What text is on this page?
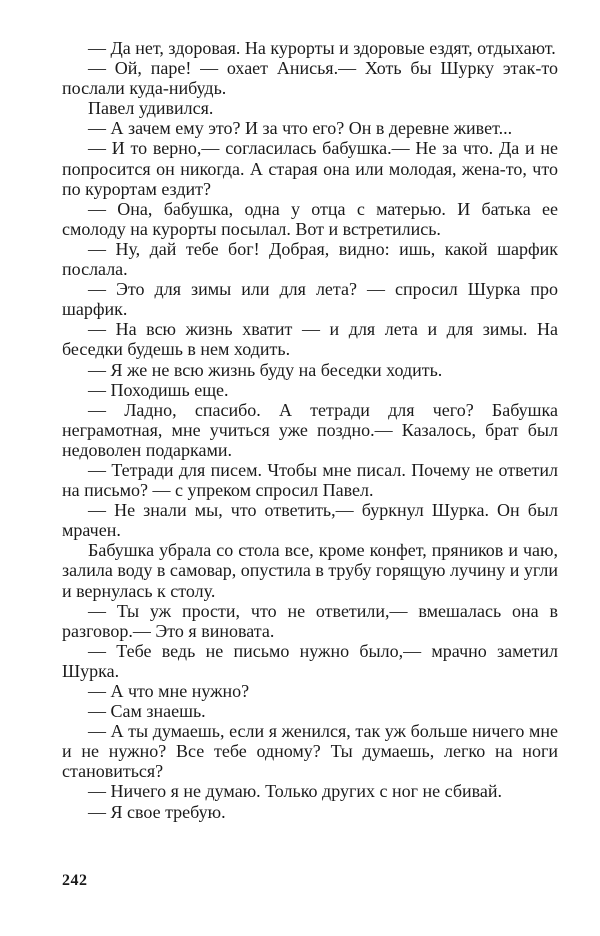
— Да нет, здоровая. На курорты и здоровые ездят, отдыхают.

— Ой, паре! — охает Анисья.— Хоть бы Шурку этак-то послали куда-нибудь.

Павел удивился.

— А зачем ему это? И за что его? Он в деревне живет...

— И то верно,— согласилась бабушка.— Не за что. Да и не попросится он никогда. А старая она или молодая, жена-то, что по курортам ездит?

— Она, бабушка, одна у отца с матерью. И батька ее смолоду на курорты посылал. Вот и встретились.

— Ну, дай тебе бог! Добрая, видно: ишь, какой шарфик послала.

— Это для зимы или для лета? — спросил Шурка про шарфик.

— На всю жизнь хватит — и для лета и для зимы. На беседки будешь в нем ходить.

— Я же не всю жизнь буду на беседки ходить.

— Походишь еще.

— Ладно, спасибо. А тетради для чего? Бабушка неграмотная, мне учиться уже поздно.— Казалось, брат был недоволен подарками.

— Тетради для писем. Чтобы мне писал. Почему не ответил на письмо? — с упреком спросил Павел.

— Не знали мы, что ответить,— буркнул Шурка. Он был мрачен.

Бабушка убрала со стола все, кроме конфет, пряников и чаю, залила воду в самовар, опустила в трубу горящую лучину и угли и вернулась к столу.

— Ты уж прости, что не ответили,— вмешалась она в разговор.— Это я виновата.

— Тебе ведь не письмо нужно было,— мрачно заметил Шурка.

— А что мне нужно?

— Сам знаешь.

— А ты думаешь, если я женился, так уж больше ничего мне и не нужно? Все тебе одному? Ты думаешь, легко на ноги становиться?

— Ничего я не думаю. Только других с ног не сбивай.

— Я свое требую.

242
